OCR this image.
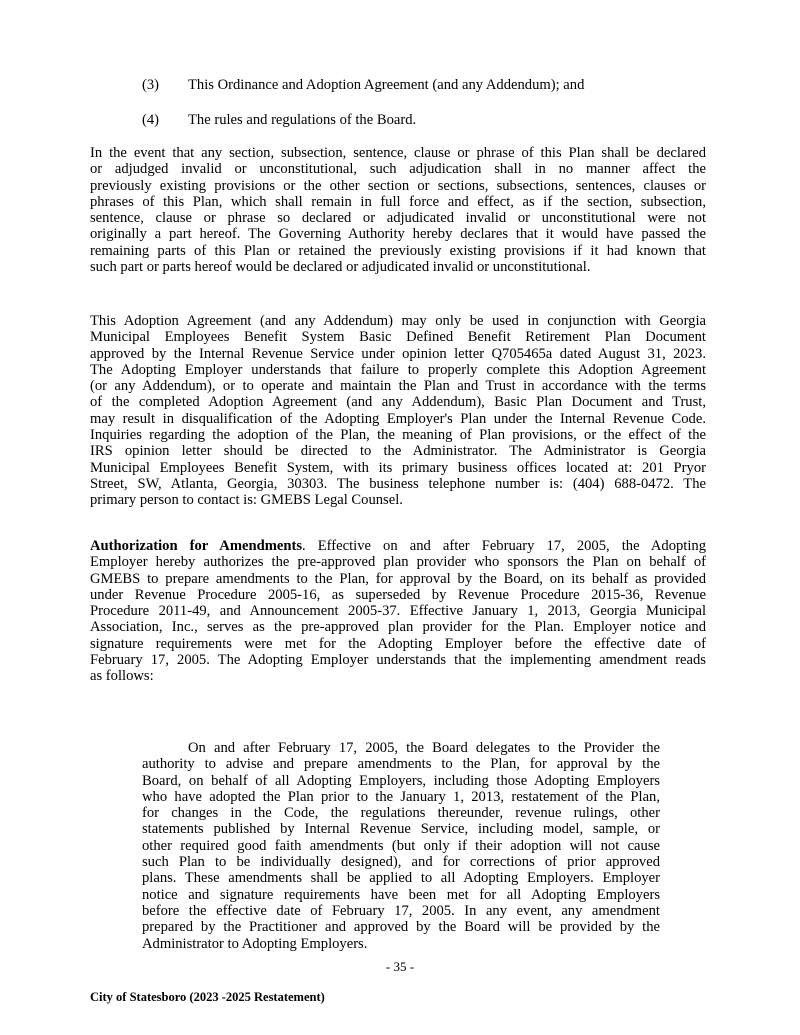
(3) This Ordinance and Adoption Agreement (and any Addendum); and
(4) The rules and regulations of the Board.
In the event that any section, subsection, sentence, clause or phrase of this Plan shall be declared
or adjudged invalid or unconstitutional, such adjudication shall in no manner affect the
previously existing provisions or the other section or sections, subsections, sentences, clauses or
phrases of this Plan, which shall remain in full force and effect, as if the section, subsection,
sentence, clause or phrase so declared or adjudicated invalid or unconstitutional were not
originally a part hereof. The Governing Authority hereby declares that it would have passed the
remaining parts of this Plan or retained the previously existing provisions if it had known that
such part or parts hereof would be declared or adjudicated invalid or unconstitutional.
This Adoption Agreement (and any Addendum) may only be used in conjunction with Georgia
Municipal Employees Benefit System Basic Defined Benefit Retirement Plan Document
approved by the Internal Revenue Service under opinion letter Q705465a dated August 31, 2023.
The Adopting Employer understands that failure to properly complete this Adoption Agreement
(or any Addendum), or to operate and maintain the Plan and Trust in accordance with the terms
of the completed Adoption Agreement (and any Addendum), Basic Plan Document and Trust,
may result in disqualification of the Adopting Employer's Plan under the Internal Revenue Code.
Inquiries regarding the adoption of the Plan, the meaning of Plan provisions, or the effect of the
IRS opinion letter should be directed to the Administrator. The Administrator is Georgia
Municipal Employees Benefit System, with its primary business offices located at: 201 Pryor
Street, SW, Atlanta, Georgia, 30303. The business telephone number is: (404) 688-0472. The
primary person to contact is: GMEBS Legal Counsel.
Authorization for Amendments. Effective on and after February 17, 2005, the Adopting
Employer hereby authorizes the pre-approved plan provider who sponsors the Plan on behalf of
GMEBS to prepare amendments to the Plan, for approval by the Board, on its behalf as provided
under Revenue Procedure 2005-16, as superseded by Revenue Procedure 2015-36, Revenue
Procedure 2011-49, and Announcement 2005-37. Effective January 1, 2013, Georgia Municipal
Association, Inc., serves as the pre-approved plan provider for the Plan. Employer notice and
signature requirements were met for the Adopting Employer before the effective date of
February 17, 2005. The Adopting Employer understands that the implementing amendment reads
as follows:
On and after February 17, 2005, the Board delegates to the Provider the
authority to advise and prepare amendments to the Plan, for approval by the
Board, on behalf of all Adopting Employers, including those Adopting Employers
who have adopted the Plan prior to the January 1, 2013, restatement of the Plan,
for changes in the Code, the regulations thereunder, revenue rulings, other
statements published by Internal Revenue Service, including model, sample, or
other required good faith amendments (but only if their adoption will not cause
such Plan to be individually designed), and for corrections of prior approved
plans. These amendments shall be applied to all Adopting Employers. Employer
notice and signature requirements have been met for all Adopting Employers
before the effective date of February 17, 2005. In any event, any amendment
prepared by the Practitioner and approved by the Board will be provided by the
Administrator to Adopting Employers.
- 35 -
City of Statesboro (2023 -2025 Restatement)
